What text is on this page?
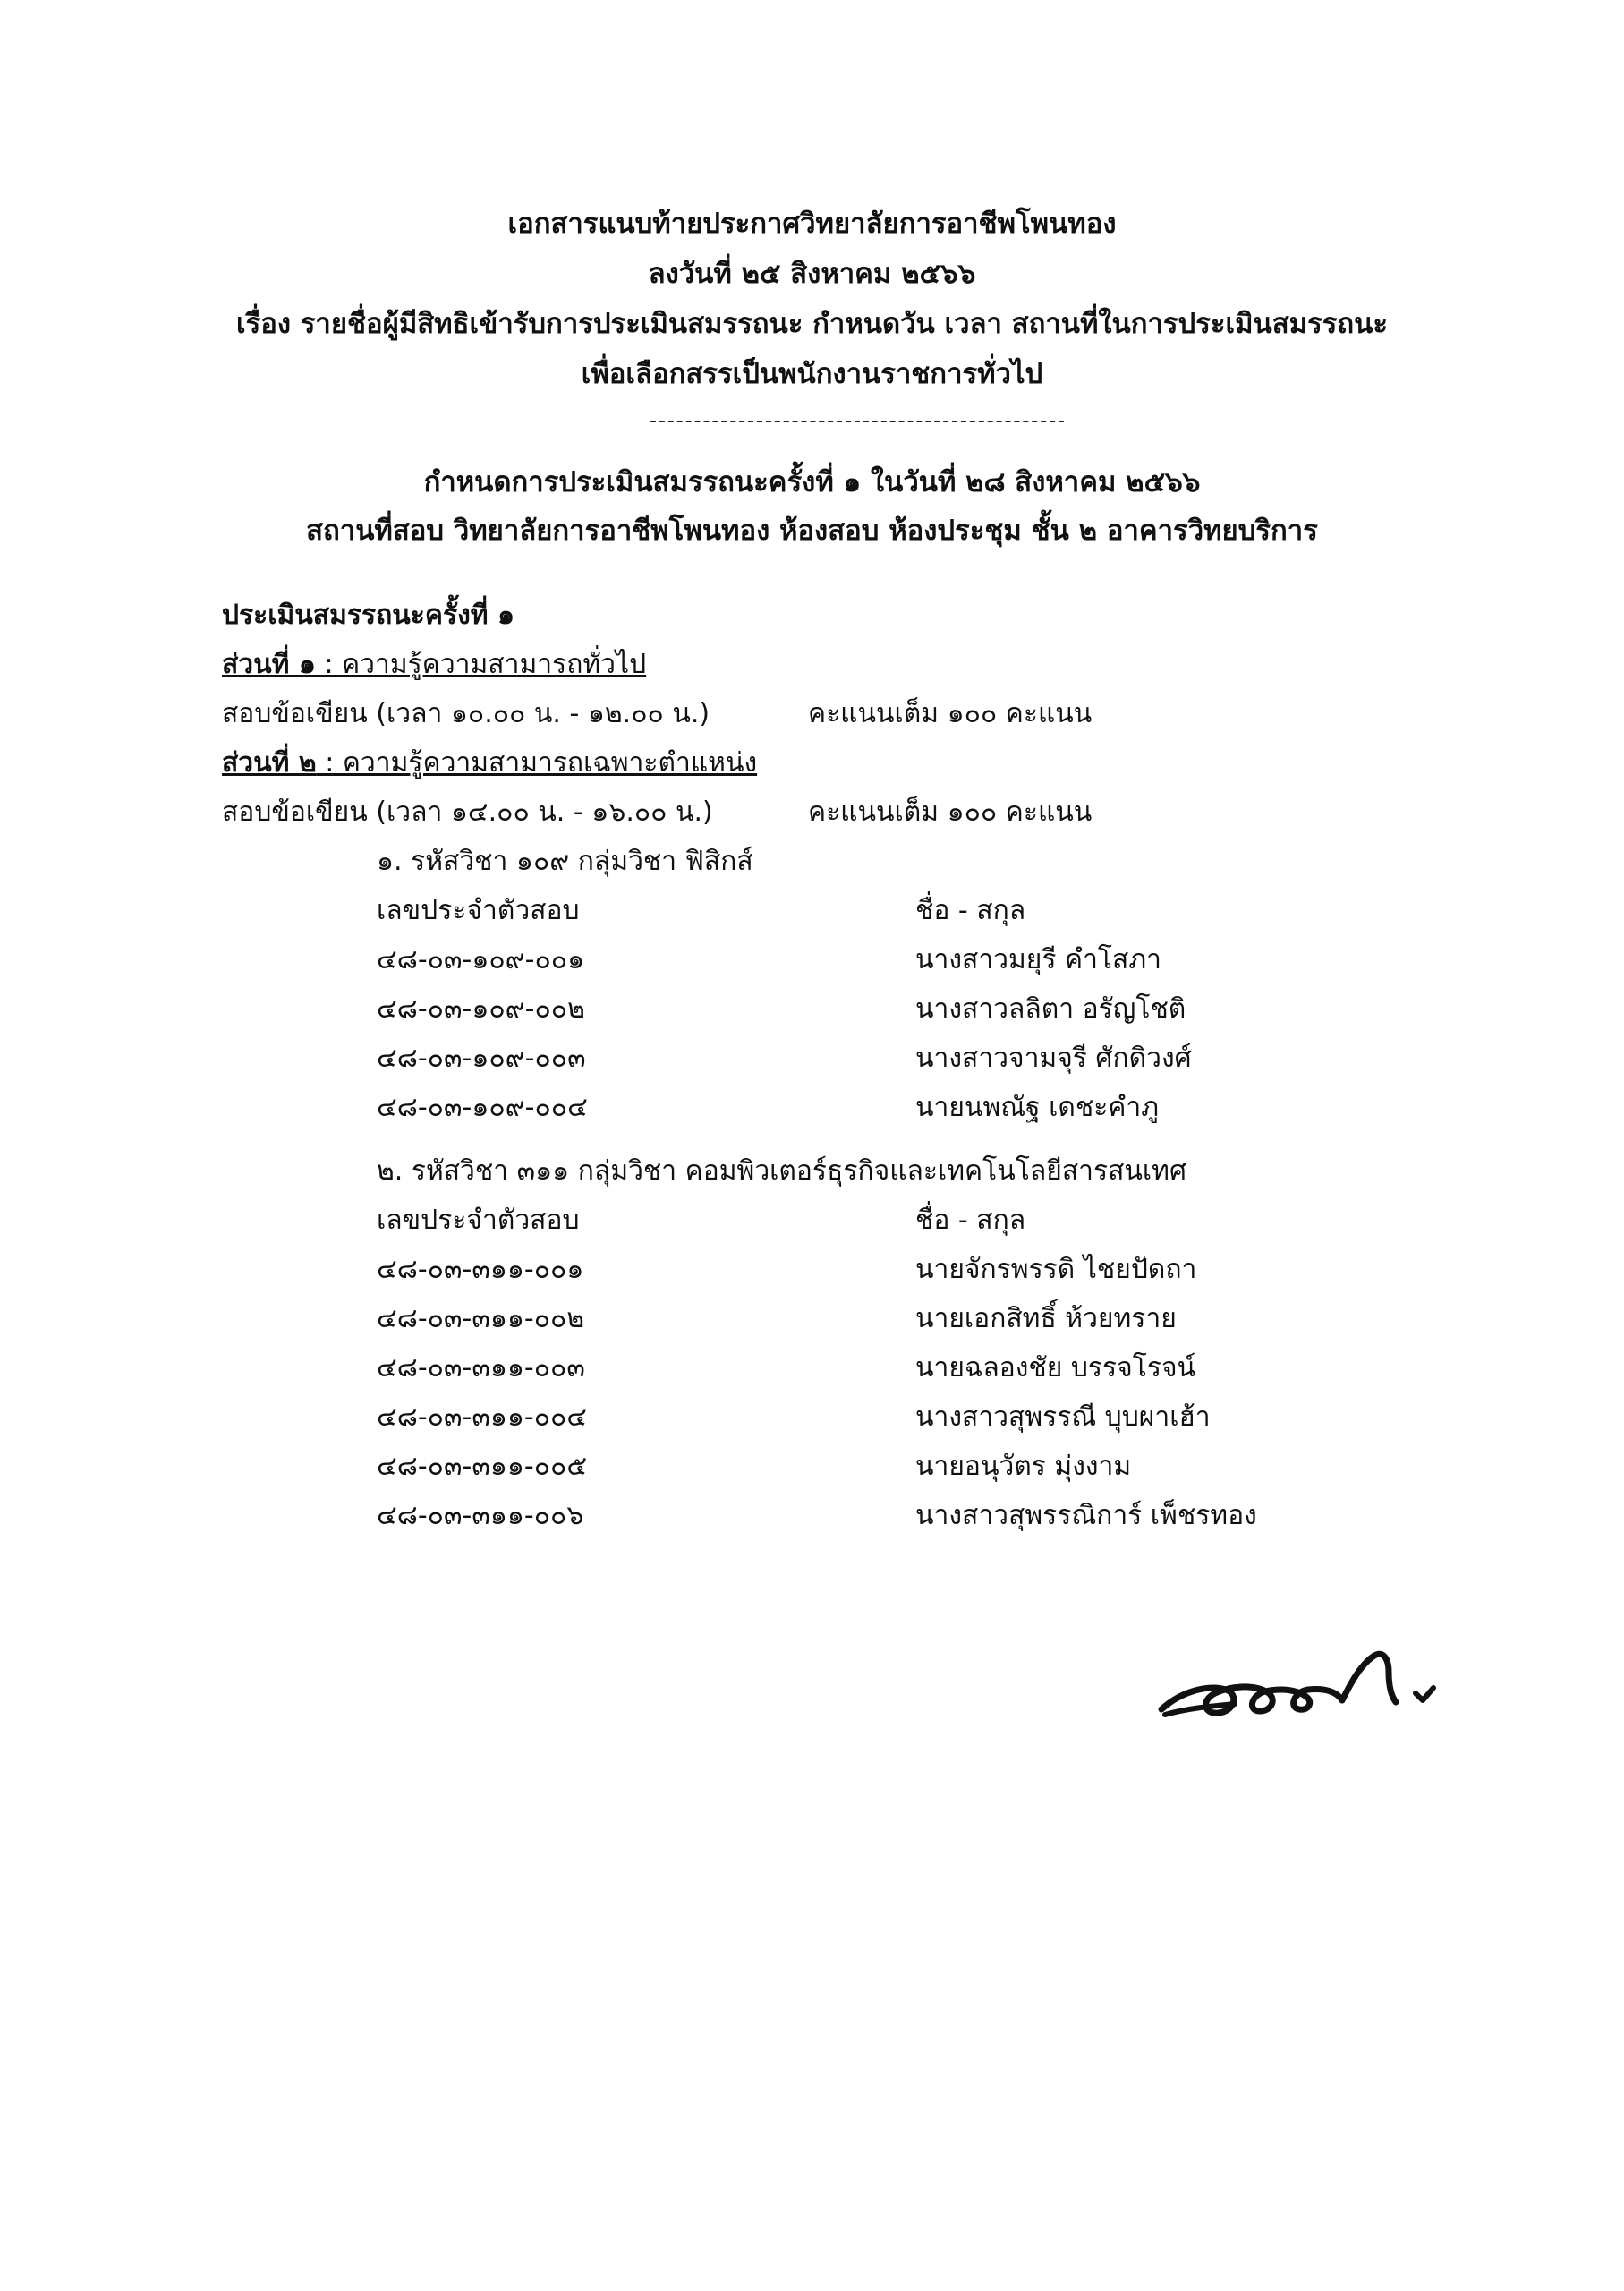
เอกสารแนบท้ายประกาศวิทยาลัยการอาชีพโพนทอง
ลงวันที่ ๒๕ สิงหาคม ๒๕๖๖
เรื่อง รายชื่อผู้มีสิทธิเข้ารับการประเมินสมรรถนะ กำหนดวัน เวลา สถานที่ในการประเมินสมรรถนะ
เพื่อเลือกสรรเป็นพนักงานราชการทั่วไป
กำหนดการประเมินสมรรถนะครั้งที่ ๑ ในวันที่ ๒๘ สิงหาคม ๒๕๖๖
สถานที่สอบ วิทยาลัยการอาชีพโพนทอง ห้องสอบ ห้องประชุม ชั้น ๒ อาคารวิทยบริการ
ประเมินสมรรถนะครั้งที่ ๑
ส่วนที่ ๑ : ความรู้ความสามารถทั่วไป
สอบข้อเขียน (เวลา ๑๐.๐๐ น. - ๑๒.๐๐ น.)	คะแนนเต็ม ๑๐๐ คะแนน
ส่วนที่ ๒ : ความรู้ความสามารถเฉพาะตำแหน่ง
สอบข้อเขียน (เวลา ๑๔.๐๐ น. - ๑๖.๐๐ น.)	คะแนนเต็ม ๑๐๐ คะแนน
๑. รหัสวิชา ๑๐๙ กลุ่มวิชา ฟิสิกส์
เลขประจำตัวสอบ	ชื่อ - สกุล
๔๘-๐๓-๑๐๙-๐๐๑	นางสาวมยุรี คำโสภา
๔๘-๐๓-๑๐๙-๐๐๒	นางสาวลลิตา อรัญโชติ
๔๘-๐๓-๑๐๙-๐๐๓	นางสาวจามจุรี ศักดิวงศ์
๔๘-๐๓-๑๐๙-๐๐๔	นายนพณัฐ เดชะคำภู
๒. รหัสวิชา ๓๑๑ กลุ่มวิชา คอมพิวเตอร์ธุรกิจและเทคโนโลยีสารสนเทศ
เลขประจำตัวสอบ	ชื่อ - สกุล
๔๘-๐๓-๓๑๑-๐๐๑	นายจักรพรรดิ ไชยปัดถา
๔๘-๐๓-๓๑๑-๐๐๒	นายเอกสิทธิ์ ห้วยทราย
๔๘-๐๓-๓๑๑-๐๐๓	นายฉลองชัย บรรจโรจน์
๔๘-๐๓-๓๑๑-๐๐๔	นางสาวสุพรรณี บุบผาเฮ้า
๔๘-๐๓-๓๑๑-๐๐๕	นายอนุวัตร มุ่งงาม
๔๘-๐๓-๓๑๑-๐๐๖	นางสาวสุพรรณิการ์ เพ็ชรทอง
